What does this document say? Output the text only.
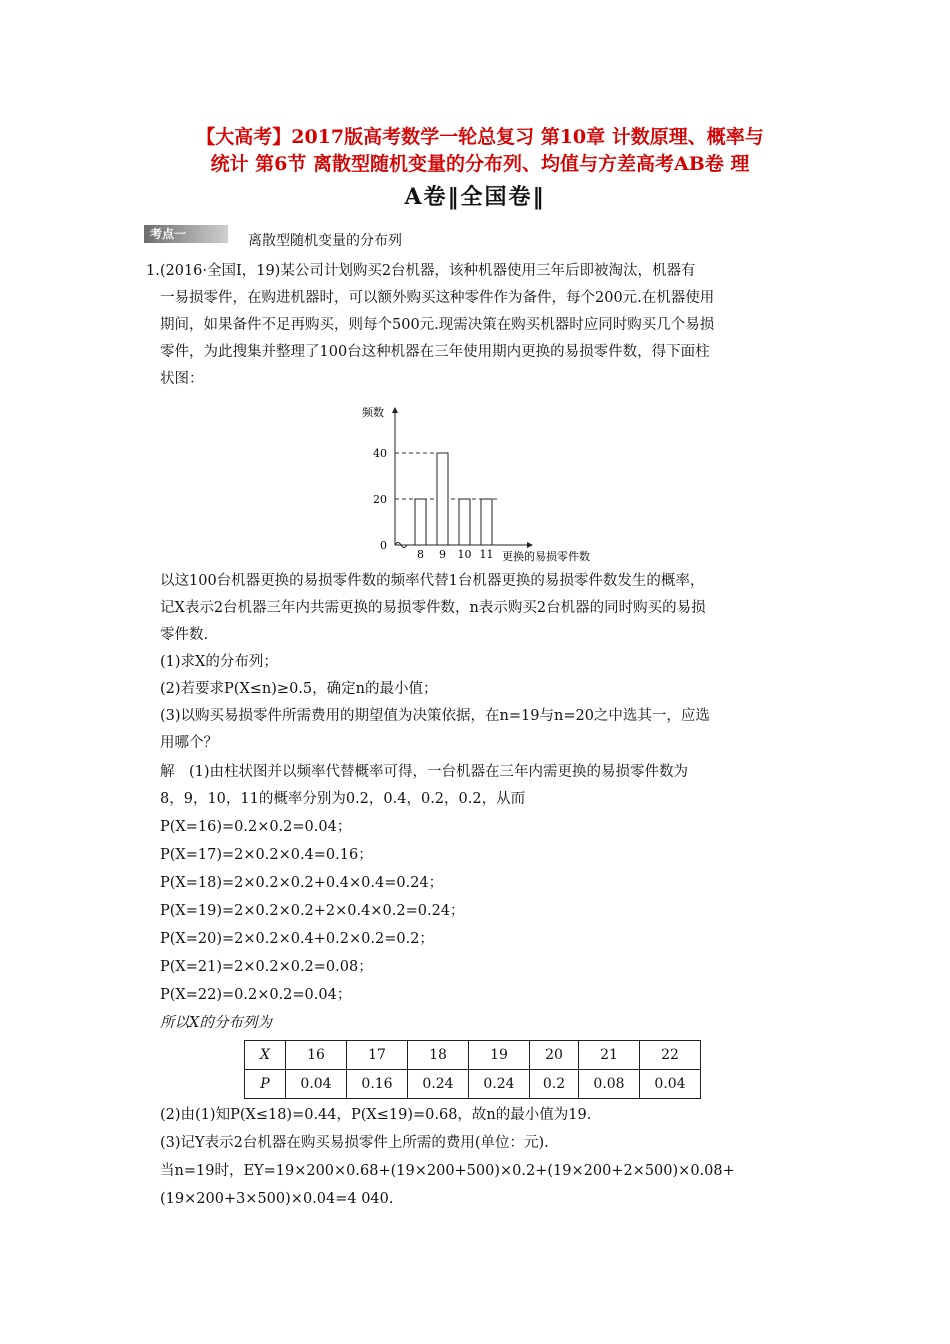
【大高考】2017版高考数学一轮总复习 第10章 计数原理、概率与
统计 第6节 离散型随机变量的分布列、均值与方差高考AB卷 理
A卷‖全国卷‖
考点一	离散型随机变量的分布列
1.(2016·全国Ⅰ，19)某公司计划购买2台机器，该种机器使用三年后即被淘汰，机器有
一易损零件，在购进机器时，可以额外购买这种零件作为备件，每个200元.在机器使用
期间，如果备件不足再购买，则每个500元.现需决策在购买机器时应同时购买几个易损
零件，为此搜集并整理了100台这种机器在三年使用期内更换的易损零件数，得下面柱
状图：
8 9 10 11
0
20
40
频数
更换的易损零件数
以这100台机器更换的易损零件数的频率代替1台机器更换的易损零件数发生的概率，
记X表示2台机器三年内共需更换的易损零件数，n表示购买2台机器的同时购买的易损
零件数.
(1)求X的分布列；
(2)若要求P(X≤n)≥0.5，确定n的最小值；
(3)以购买易损零件所需费用的期望值为决策依据，在n=19与n=20之中选其一，应选
用哪个？
解　(1)由柱状图并以频率代替概率可得，一台机器在三年内需更换的易损零件数为
8，9，10，11的概率分别为0.2，0.4，0.2，0.2，从而
P(X=16)=0.2×0.2=0.04；
P(X=17)=2×0.2×0.4=0.16；
P(X=18)=2×0.2×0.2+0.4×0.4=0.24；
P(X=19)=2×0.2×0.2+2×0.4×0.2=0.24；
P(X=20)=2×0.2×0.4+0.2×0.2=0.2；
P(X=21)=2×0.2×0.2=0.08；
P(X=22)=0.2×0.2=0.04；
所以X的分布列为
X	16	17	18	19	20	21	22
P	0.04	0.16	0.24	0.24	0.2	0.08	0.04
(2)由(1)知P(X≤18)=0.44，P(X≤19)=0.68，故n的最小值为19.
(3)记Y表示2台机器在购买易损零件上所需的费用(单位：元).
当n=19时，EY=19×200×0.68+(19×200+500)×0.2+(19×200+2×500)×0.08+
(19×200+3×500)×0.04=4 040.
